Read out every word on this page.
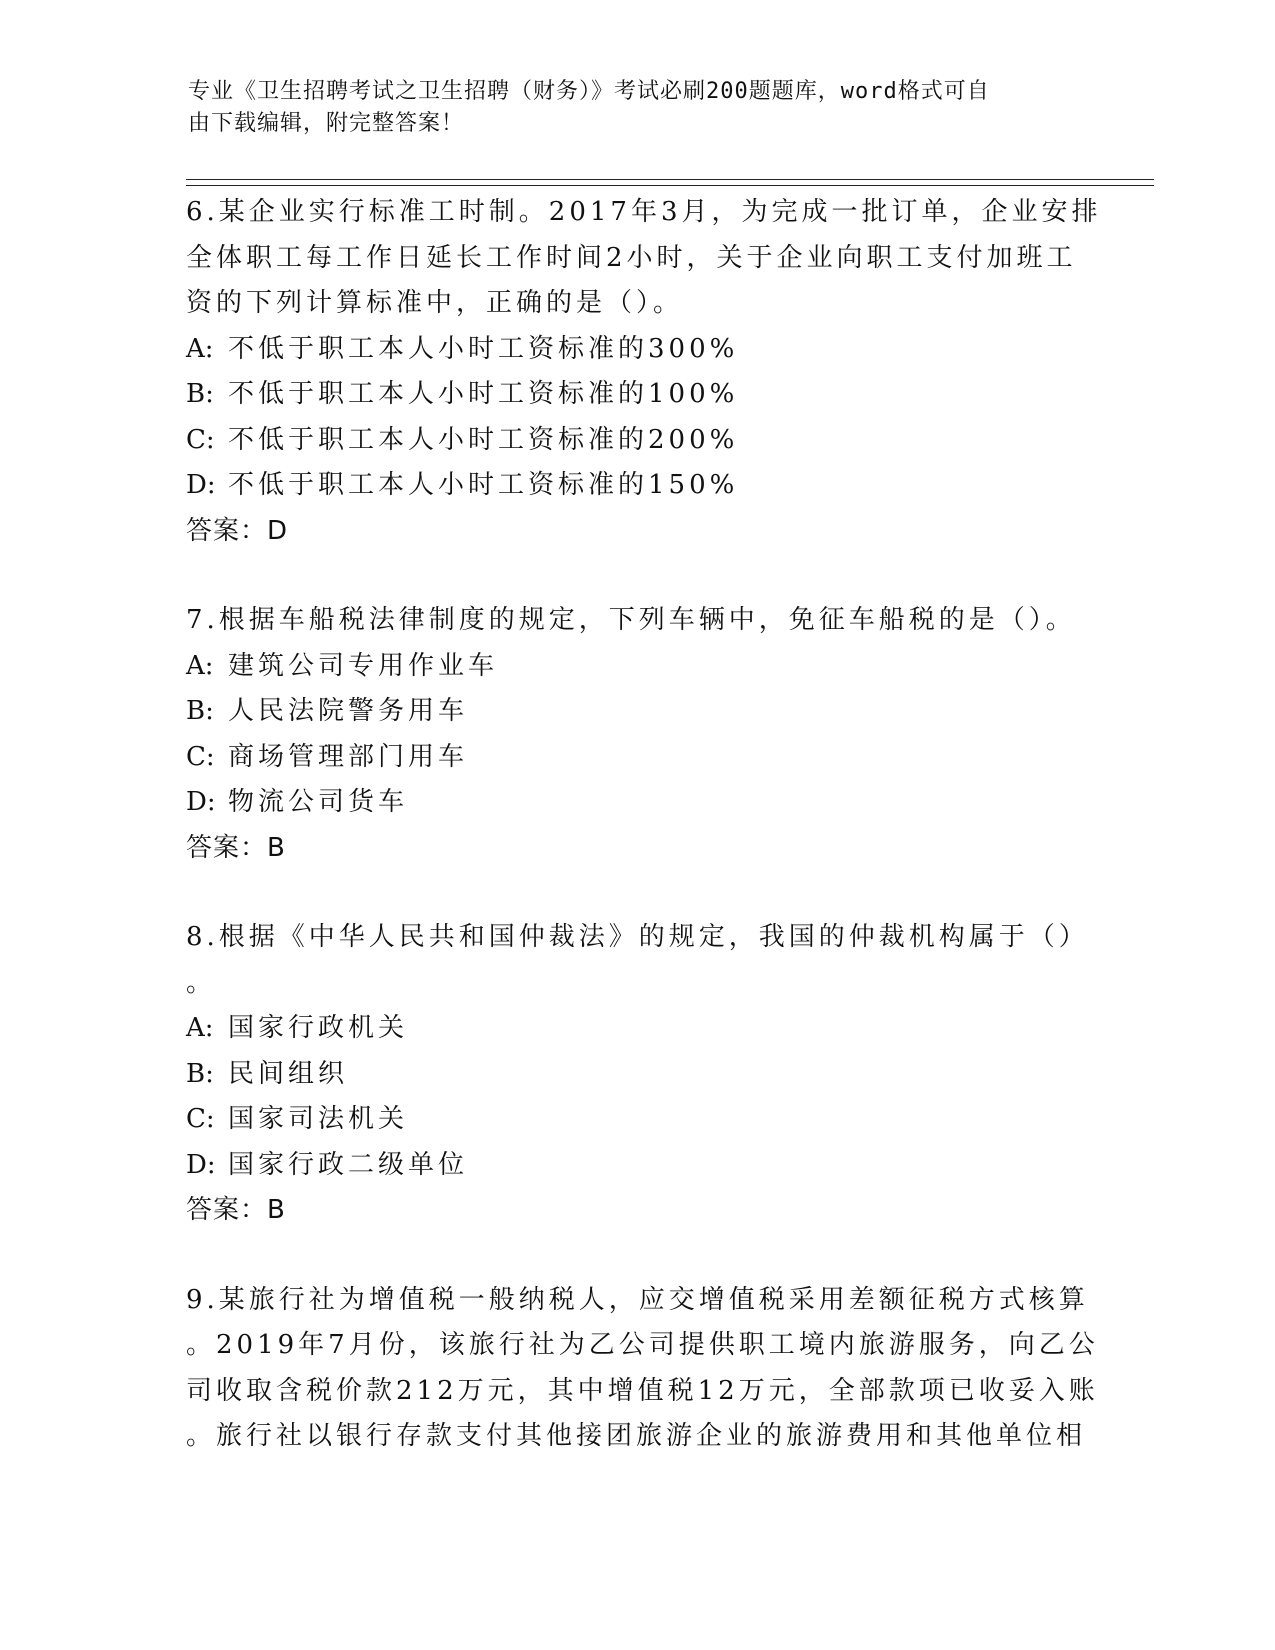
专业《卫生招聘考试之卫生招聘（财务）》考试必刷200题题库，word格式可自
由下载编辑，附完整答案！
6.某企业实行标准工时制。2017年3月，为完成一批订单，企业安排
全体职工每工作日延长工作时间2小时，关于企业向职工支付加班工
资的下列计算标准中，正确的是（）。
A: 不低于职工本人小时工资标准的300%
B: 不低于职工本人小时工资标准的100%
C: 不低于职工本人小时工资标准的200%
D: 不低于职工本人小时工资标准的150%
答案：D
7.根据车船税法律制度的规定，下列车辆中，免征车船税的是（）。
A: 建筑公司专用作业车
B: 人民法院警务用车
C: 商场管理部门用车
D: 物流公司货车
答案：B
8.根据《中华人民共和国仲裁法》的规定，我国的仲裁机构属于（）
。
A: 国家行政机关
B: 民间组织
C: 国家司法机关
D: 国家行政二级单位
答案：B
9.某旅行社为增值税一般纳税人，应交增值税采用差额征税方式核算
。2019年7月份，该旅行社为乙公司提供职工境内旅游服务，向乙公
司收取含税价款212万元，其中增值税12万元，全部款项已收妥入账
。旅行社以银行存款支付其他接团旅游企业的旅游费用和其他单位相
